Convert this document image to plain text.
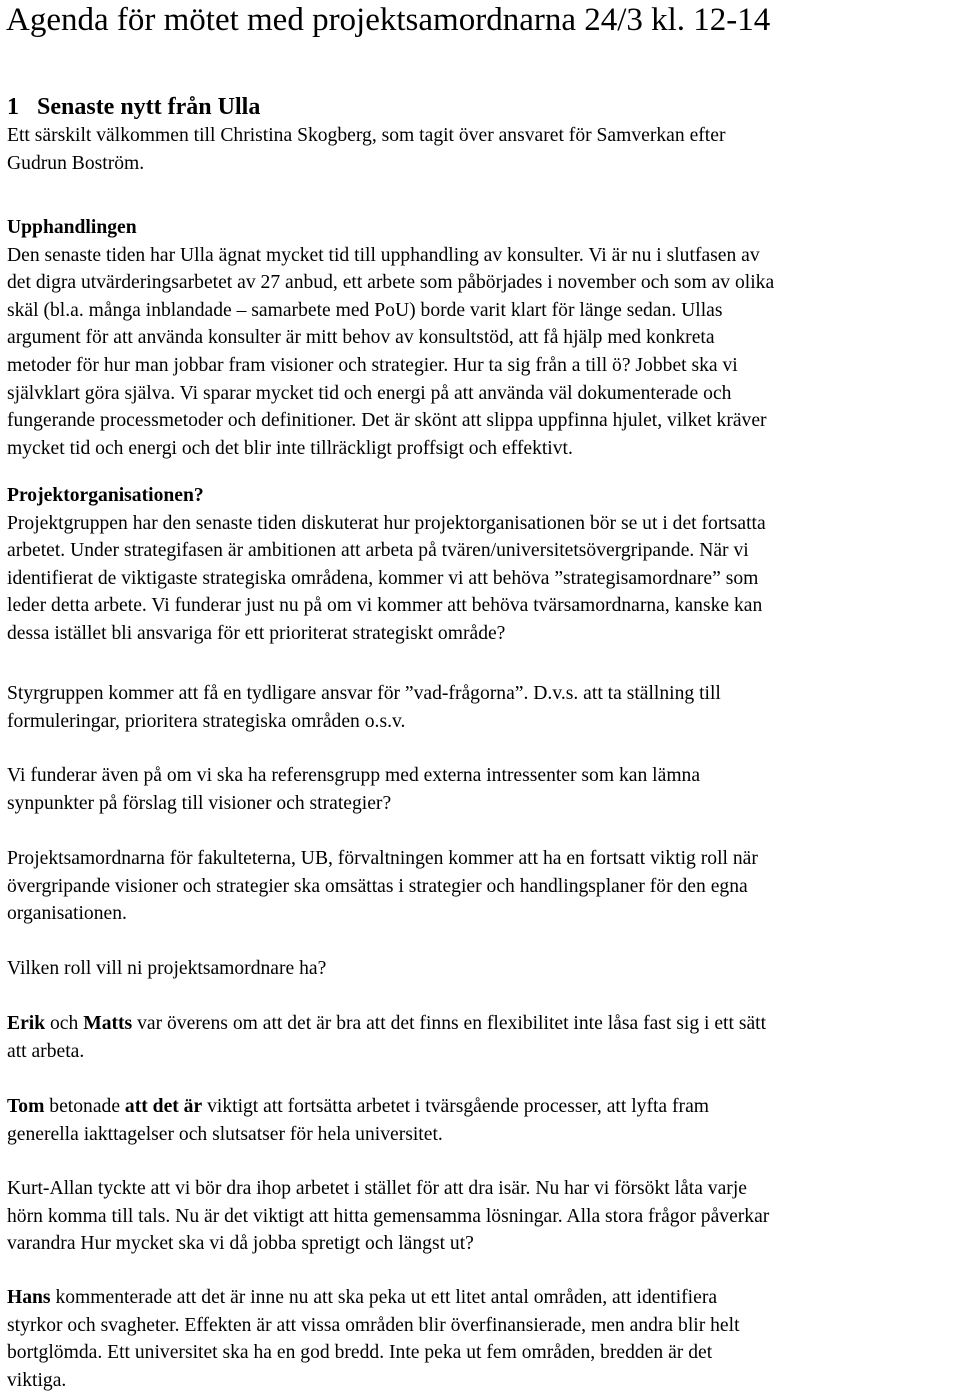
Agenda för mötet med projektsamordnarna 24/3 kl. 12-14
1   Senaste nytt från Ulla
Ett särskilt välkommen till Christina Skogberg, som tagit över ansvaret för Samverkan efter
Gudrun Boström.
Upphandlingen
Den senaste tiden har Ulla ägnat mycket tid till upphandling av konsulter. Vi är nu i slutfasen av
det digra utvärderingsarbetet av 27 anbud, ett arbete som påbörjades i november och som av olika
skäl (bl.a. många inblandade – samarbete med PoU) borde varit klart för länge sedan. Ullas
argument för att använda konsulter är mitt behov av konsultstöd, att få hjälp med konkreta
metoder för hur man jobbar fram visioner och strategier. Hur ta sig från a till ö? Jobbet ska vi
självklart göra själva. Vi sparar mycket tid och energi på att använda väl dokumenterade och
fungerande processmetoder och definitioner. Det är skönt att slippa uppfinna hjulet, vilket kräver
mycket tid och energi och det blir inte tillräckligt proffsigt och effektivt.
Projektorganisationen?
Projektgruppen har den senaste tiden diskuterat hur projektorganisationen bör se ut i det fortsatta
arbetet. Under strategifasen är ambitionen att arbeta på tvären/universitetsövergripande. När vi
identifierat de viktigaste strategiska områdena, kommer vi att behöva ”strategisamordnare” som
leder detta arbete. Vi funderar just nu på om vi kommer att behöva tvärsamordnarna, kanske kan
dessa istället bli ansvariga för ett prioriterat strategiskt område?
Styrgruppen kommer att få en tydligare ansvar för ”vad-frågorna”. D.v.s. att ta ställning till
formuleringar, prioritera strategiska områden o.s.v.
Vi funderar även på om vi ska ha referensgrupp med externa intressenter som kan lämna
synpunkter på förslag till visioner och strategier?
Projektsamordnarna för fakulteterna, UB, förvaltningen kommer att ha en fortsatt viktig roll när
övergripande visioner och strategier ska omsättas i strategier och handlingsplaner för den egna
organisationen.
Vilken roll vill ni projektsamordnare ha?
Erik och Matts var överens om att det är bra att det finns en flexibilitet inte låsa fast sig i ett sätt
att arbeta.
Tom betonade att det är viktigt att fortsätta arbetet i tvärsgående processer, att lyfta fram
generella iakttagelser och slutsatser för hela universitet.
Kurt-Allan tyckte att vi bör dra ihop arbetet i stället för att dra isär. Nu har vi försökt låta varje
hörn komma till tals. Nu är det viktigt att hitta gemensamma lösningar. Alla stora frågor påverkar
varandra Hur mycket ska vi då jobba spretigt och längst ut?
Hans kommenterade att det är inne nu att ska peka ut ett litet antal områden, att identifiera
styrkor och svagheter. Effekten är att vissa områden blir överfinansierade, men andra blir helt
bortglömda. Ett universitet ska ha en god bredd. Inte peka ut fem områden, bredden är det
viktiga.
